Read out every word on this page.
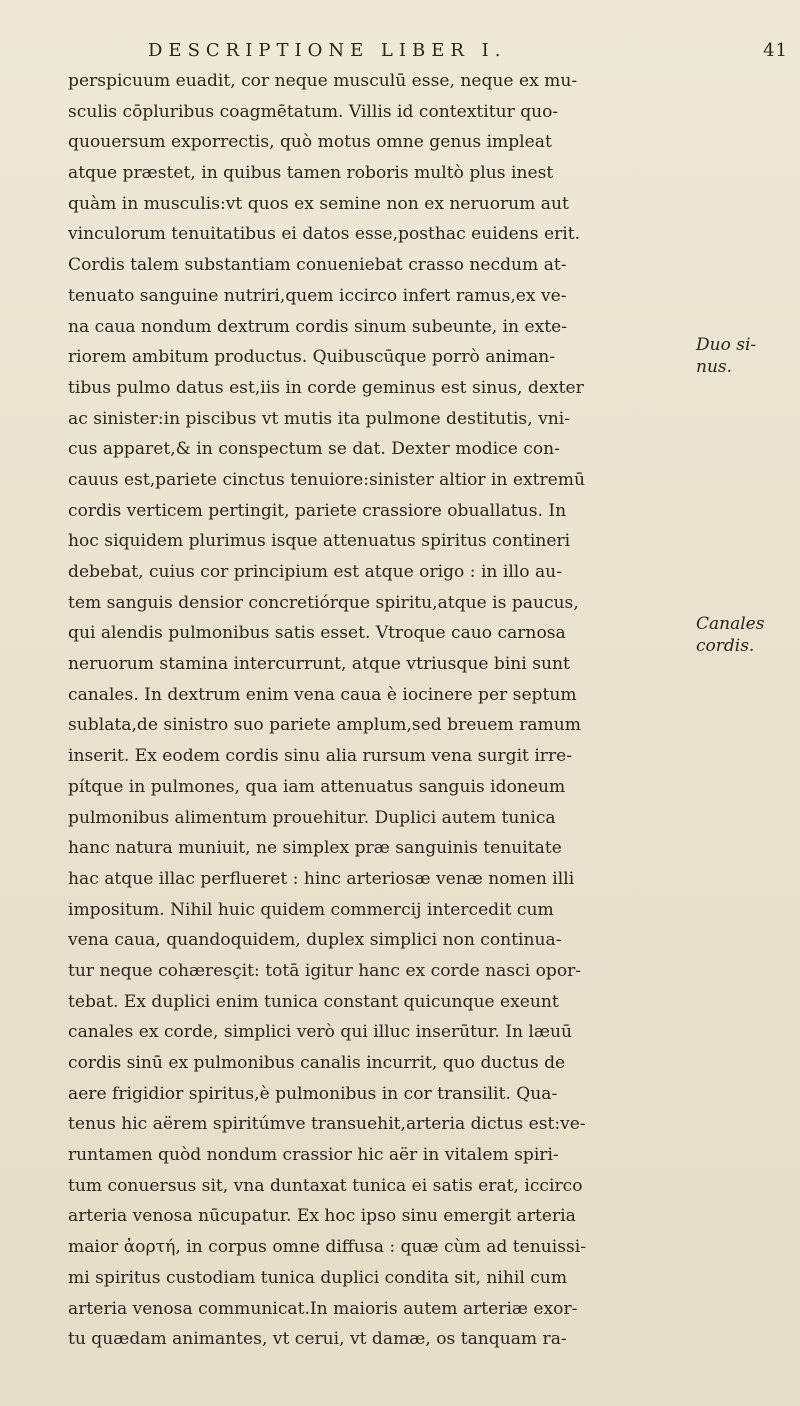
DESCRIPTIONE LIBER I.	41
perspicuum euadit, cor neque musculū esse, neque ex mu-
sculis cōpluribus coagmētatum. Villis id contextitur quo-
quouersum exporrectis, quò motus omne genus impleat
atque præstet, in quibus tamen roboris multò plus inest
quàm in musculis:vt quos ex semine non ex neruorum aut
vinculorum tenuitatibus ei datos esse,posthac euidens erit.
Cordis talem substantiam conueniebat crasso necdum at-
tenuato sanguine nutriri,quem iccirco infert ramus,ex ve-
na caua nondum dextrum cordis sinum subeunte, in exte-
riorem ambitum productus. Quibuscūque porrò animan-
tibus pulmo datus est,iis in corde geminus est sinus, dexter
ac sinister:in piscibus vt mutis ita pulmone destitutis, vni-
cus apparet,& in conspectum se dat. Dexter modice con-
cauus est,pariete cinctus tenuiore:sinister altior in extremū
cordis verticem pertingit, pariete crassiore obuallatus. In
hoc siquidem plurimus isque attenuatus spiritus contineri
debebat, cuius cor principium est atque origo : in illo au-
tem sanguis densior concretiórque spiritu,atque is paucus,
qui alendis pulmonibus satis esset. Vtroque cauo carnosa
neruorum stamina intercurrunt, atque vtriusque bini sunt
canales. In dextrum enim vena caua è iocinere per septum
sublata,de sinistro suo pariete amplum,sed breuem ramum
inserit. Ex eodem cordis sinu alia rursum vena surgit irre-
pítque in pulmones, qua iam attenuatus sanguis idoneum
pulmonibus alimentum prouehitur. Duplici autem tunica
hanc natura muniuit, ne simplex præ sanguinis tenuitate
hac atque illac perflueret : hinc arteriosæ venæ nomen illi
impositum. Nihil huic quidem commercij intercedit cum
vena caua, quandoquidem, duplex simplici non continua-
tur neque cohæresçit: totā igitur hanc ex corde nasci opor-
tebat. Ex duplici enim tunica constant quicunque exeunt
canales ex corde, simplici verò qui illuc inserūtur. In læuū
cordis sinū ex pulmonibus canalis incurrit, quo ductus de
aere frigidior spiritus,è pulmonibus in cor transilit. Qua-
tenus hic aërem spiritúmve transuehit,arteria dictus est:ve-
runtamen quòd nondum crassior hic aër in vitalem spiri-
tum conuersus sit, vna duntaxat tunica ei satis erat, iccirco
arteria venosa nūcupatur. Ex hoc ipso sinu emergit arteria
maior ἀορτή, in corpus omne diffusa : quæ cùm ad tenuissi-
mi spiritus custodiam tunica duplici condita sit, nihil cum
arteria venosa communicat.In maioris autem arteriæ exor-
tu quædam animantes, vt cerui, vt damæ, os tanquam ra-
Duo si-
nus.
Canales
cordis.
